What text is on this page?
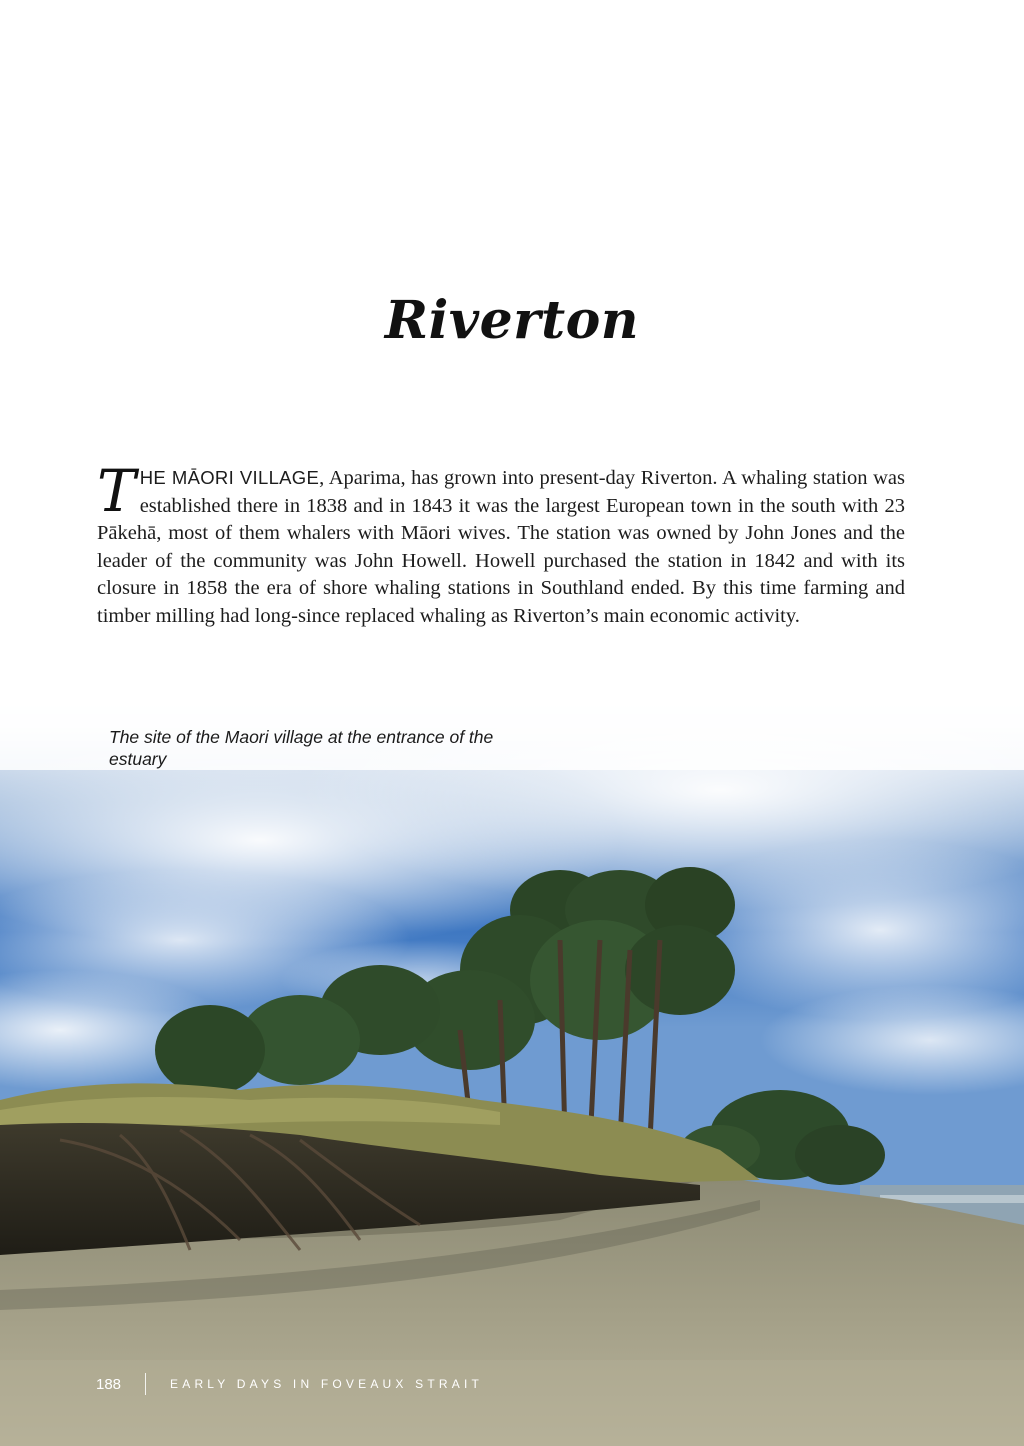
Riverton

THE MĀORI VILLAGE, Aparima, has grown into present-day Riverton. A whaling station was established there in 1838 and in 1843 it was the largest European town in the south with 23 Pākehā, most of them whalers with Māori wives. The station was owned by John Jones and the leader of the community was John Howell. Howell purchased the station in 1842 and with its closure in 1858 the era of shore whaling stations in Southland ended. By this time farming and timber milling had long-since replaced whaling as Riverton’s main economic activity.

The site of the Maori village at the entrance of the estuary

188	EARLY DAYS IN FOVEAUX STRAIT
